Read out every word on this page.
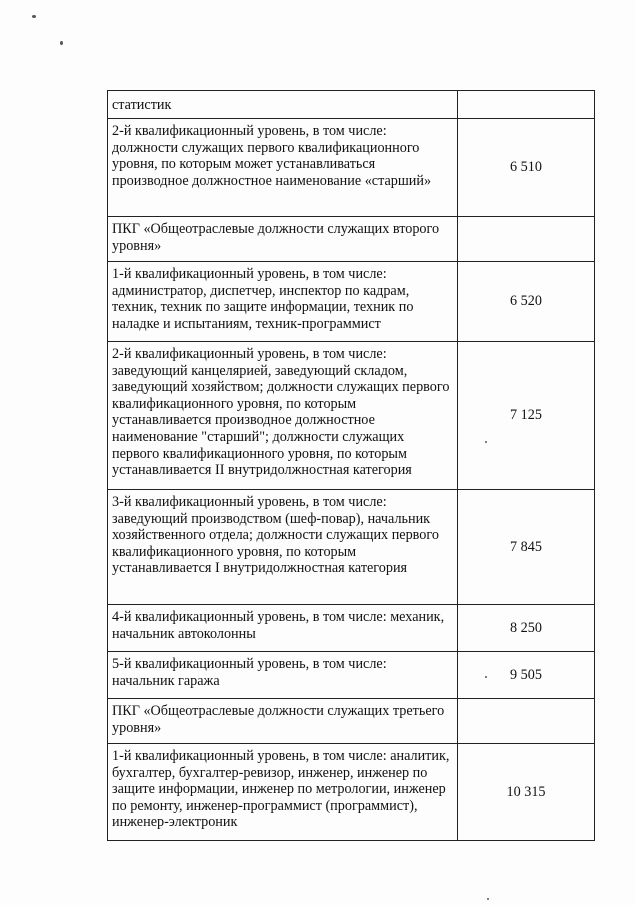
статистик	
2-й квалификационный уровень, в том числе: должности служащих первого квалификационного уровня, по которым может устанавливаться производное должностное наименование «старший»	6 510
ПКГ «Общеотраслевые должности служащих второго уровня»	
1-й квалификационный уровень, в том числе: администратор, диспетчер, инспектор по кадрам, техник, техник по защите информации, техник по наладке и испытаниям, техник-программист	6 520
2-й квалификационный уровень, в том числе: заведующий канцелярией, заведующий складом, заведующий хозяйством; должности служащих первого квалификационного уровня, по которым устанавливается производное должностное наименование "старший"; должности служащих первого квалификационного уровня, по которым устанавливается II внутридолжностная категория	7 125
3-й квалификационный уровень, в том числе: заведующий производством (шеф-повар), начальник хозяйственного отдела; должности служащих первого квалификационного уровня, по которым устанавливается I внутридолжностная категория	7 845
4-й квалификационный уровень, в том числе: механик, начальник автоколонны	8 250
5-й квалификационный уровень, в том числе: начальник гаража	9 505
ПКГ «Общеотраслевые должности служащих третьего уровня»	
1-й квалификационный уровень, в том числе: аналитик, бухгалтер, бухгалтер-ревизор, инженер, инженер по защите информации, инженер по метрологии, инженер по ремонту, инженер-программист (программист), инженер-электроник	10 315
